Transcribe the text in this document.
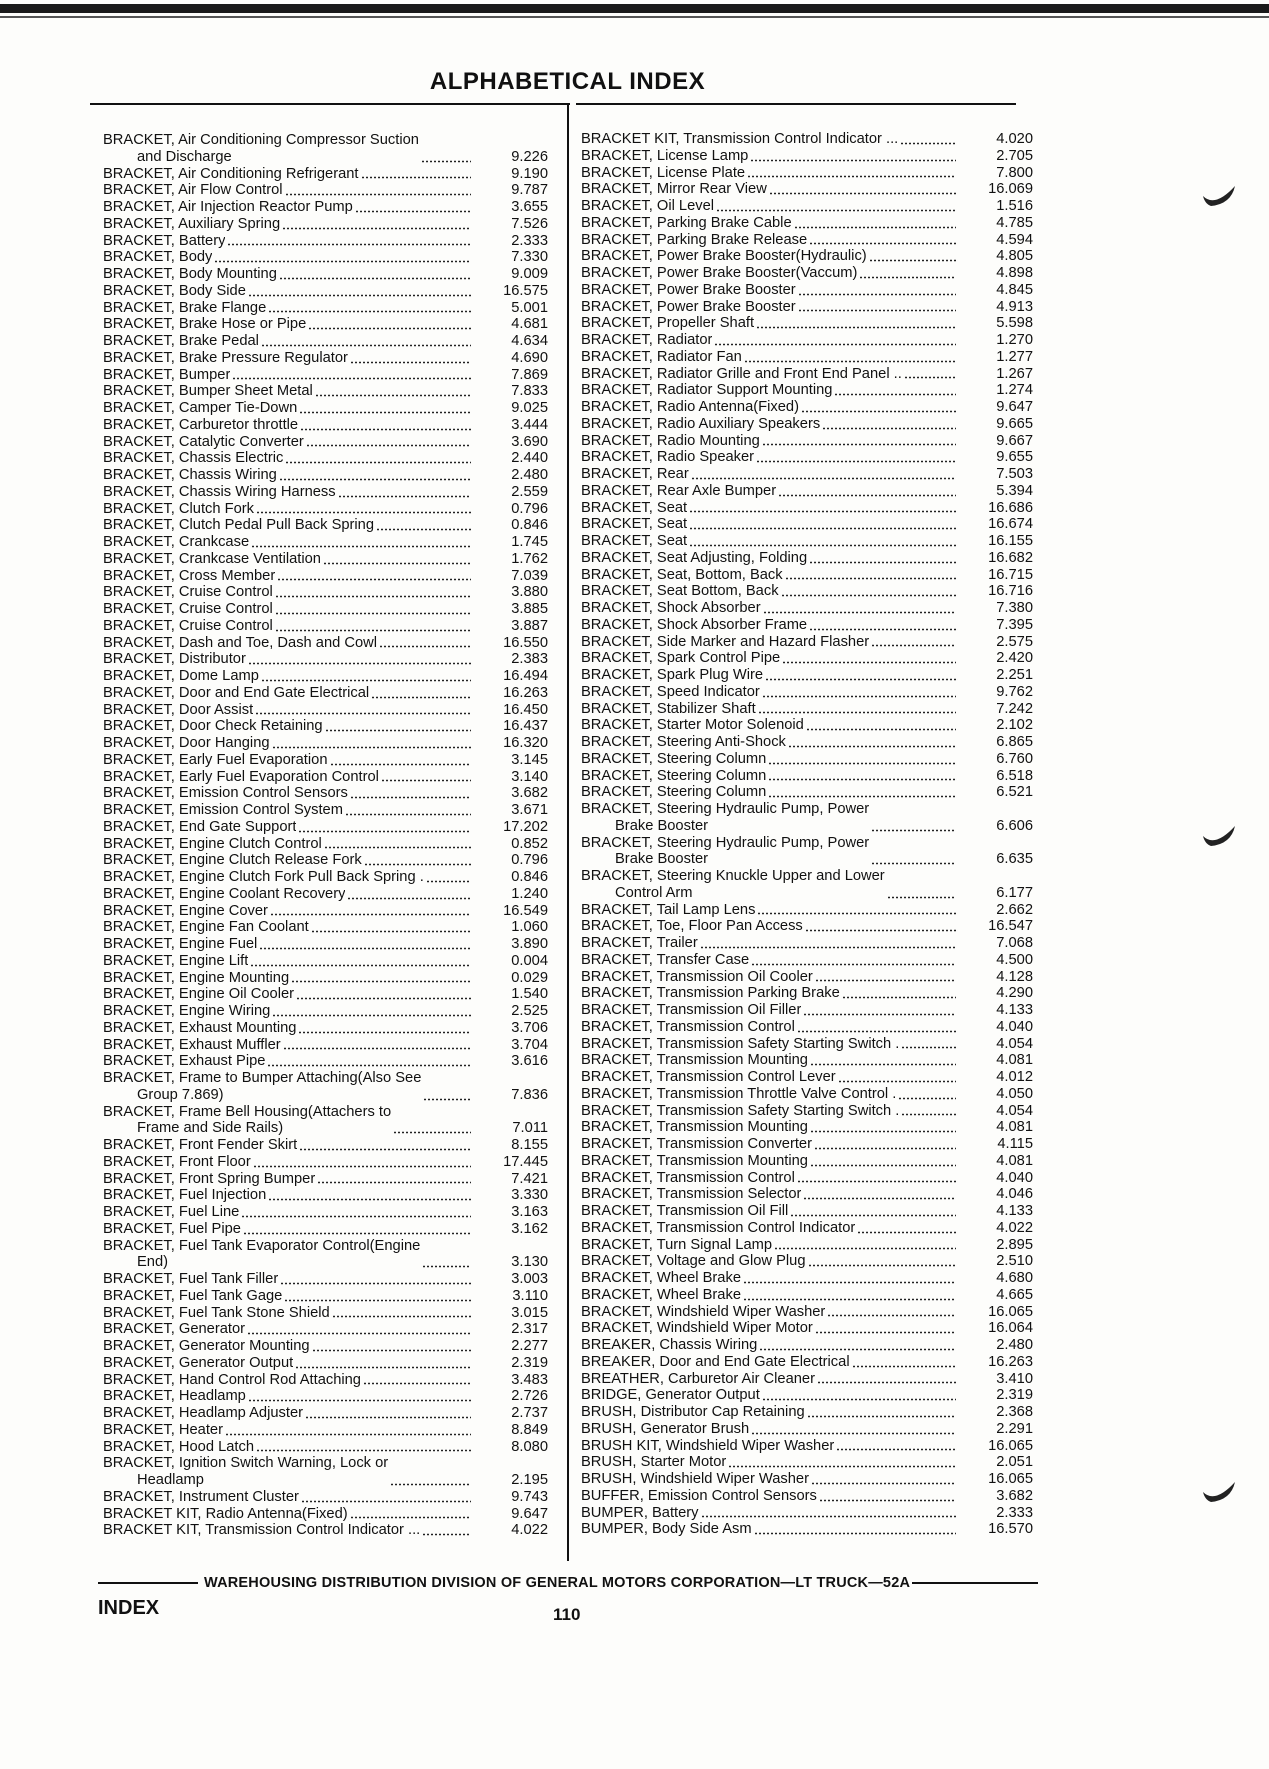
ALPHABETICAL INDEX
BRACKET, Air Conditioning Compressor Suction
and Discharge	9.226
BRACKET, Air Conditioning Refrigerant	9.190
BRACKET, Air Flow Control	9.787
BRACKET, Air Injection Reactor Pump	3.655
BRACKET, Auxiliary Spring	7.526
BRACKET, Battery	2.333
BRACKET, Body	7.330
BRACKET, Body Mounting	9.009
BRACKET, Body Side	16.575
BRACKET, Brake Flange	5.001
BRACKET, Brake Hose or Pipe	4.681
BRACKET, Brake Pedal	4.634
BRACKET, Brake Pressure Regulator	4.690
BRACKET, Bumper	7.869
BRACKET, Bumper Sheet Metal	7.833
BRACKET, Camper Tie-Down	9.025
BRACKET, Carburetor throttle	3.444
BRACKET, Catalytic Converter	3.690
BRACKET, Chassis Electric	2.440
BRACKET, Chassis Wiring	2.480
BRACKET, Chassis Wiring Harness	2.559
BRACKET, Clutch Fork	0.796
BRACKET, Clutch Pedal Pull Back Spring	0.846
BRACKET, Crankcase	1.745
BRACKET, Crankcase Ventilation	1.762
BRACKET, Cross Member	7.039
BRACKET, Cruise Control	3.880
BRACKET, Cruise Control	3.885
BRACKET, Cruise Control	3.887
BRACKET, Dash and Toe, Dash and Cowl	16.550
BRACKET, Distributor	2.383
BRACKET, Dome Lamp	16.494
BRACKET, Door and End Gate Electrical	16.263
BRACKET, Door Assist	16.450
BRACKET, Door Check Retaining	16.437
BRACKET, Door Hanging	16.320
BRACKET, Early Fuel Evaporation	3.145
BRACKET, Early Fuel Evaporation Control	3.140
BRACKET, Emission Control Sensors	3.682
BRACKET, Emission Control System	3.671
BRACKET, End Gate Support	17.202
BRACKET, Engine Clutch Control	0.852
BRACKET, Engine Clutch Release Fork	0.796
BRACKET, Engine Clutch Fork Pull Back Spring .	0.846
BRACKET, Engine Coolant Recovery	1.240
BRACKET, Engine Cover	16.549
BRACKET, Engine Fan Coolant	1.060
BRACKET, Engine Fuel	3.890
BRACKET, Engine Lift	0.004
BRACKET, Engine Mounting	0.029
BRACKET, Engine Oil Cooler	1.540
BRACKET, Engine Wiring	2.525
BRACKET, Exhaust Mounting	3.706
BRACKET, Exhaust Muffler	3.704
BRACKET, Exhaust Pipe	3.616
BRACKET, Frame to Bumper Attaching(Also See
Group 7.869)	7.836
BRACKET, Frame Bell Housing(Attachers to
Frame and Side Rails)	7.011
BRACKET, Front Fender Skirt	8.155
BRACKET, Front Floor	17.445
BRACKET, Front Spring Bumper	7.421
BRACKET, Fuel Injection	3.330
BRACKET, Fuel Line	3.163
BRACKET, Fuel Pipe	3.162
BRACKET, Fuel Tank Evaporator Control(Engine
End)	3.130
BRACKET, Fuel Tank Filler	3.003
BRACKET, Fuel Tank Gage	3.110
BRACKET, Fuel Tank Stone Shield	3.015
BRACKET, Generator	2.317
BRACKET, Generator Mounting	2.277
BRACKET, Generator Output	2.319
BRACKET, Hand Control Rod Attaching	3.483
BRACKET, Headlamp	2.726
BRACKET, Headlamp Adjuster	2.737
BRACKET, Heater	8.849
BRACKET, Hood Latch	8.080
BRACKET, Ignition Switch Warning, Lock or
Headlamp	2.195
BRACKET, Instrument Cluster	9.743
BRACKET KIT, Radio Antenna(Fixed)	9.647
BRACKET KIT, Transmission Control Indicator ...	4.022
BRACKET KIT, Transmission Control Indicator ...	4.020
BRACKET, License Lamp	2.705
BRACKET, License Plate	7.800
BRACKET, Mirror Rear View	16.069
BRACKET, Oil Level	1.516
BRACKET, Parking Brake Cable	4.785
BRACKET, Parking Brake Release	4.594
BRACKET, Power Brake Booster(Hydraulic)	4.805
BRACKET, Power Brake Booster(Vaccum)	4.898
BRACKET, Power Brake Booster	4.845
BRACKET, Power Brake Booster	4.913
BRACKET, Propeller Shaft	5.598
BRACKET, Radiator	1.270
BRACKET, Radiator Fan	1.277
BRACKET, Radiator Grille and Front End Panel ..	1.267
BRACKET, Radiator Support Mounting	1.274
BRACKET, Radio Antenna(Fixed)	9.647
BRACKET, Radio Auxiliary Speakers	9.665
BRACKET, Radio Mounting	9.667
BRACKET, Radio Speaker	9.655
BRACKET, Rear	7.503
BRACKET, Rear Axle Bumper	5.394
BRACKET, Seat	16.686
BRACKET, Seat	16.674
BRACKET, Seat	16.155
BRACKET, Seat Adjusting, Folding	16.682
BRACKET, Seat, Bottom, Back	16.715
BRACKET, Seat Bottom, Back	16.716
BRACKET, Shock Absorber	7.380
BRACKET, Shock Absorber Frame	7.395
BRACKET, Side Marker and Hazard Flasher	2.575
BRACKET, Spark Control Pipe	2.420
BRACKET, Spark Plug Wire	2.251
BRACKET, Speed Indicator	9.762
BRACKET, Stabilizer Shaft	7.242
BRACKET, Starter Motor Solenoid	2.102
BRACKET, Steering Anti-Shock	6.865
BRACKET, Steering Column	6.760
BRACKET, Steering Column	6.518
BRACKET, Steering Column	6.521
BRACKET, Steering Hydraulic Pump, Power
Brake Booster	6.606
BRACKET, Steering Hydraulic Pump, Power
Brake Booster	6.635
BRACKET, Steering Knuckle Upper and Lower
Control Arm	6.177
BRACKET, Tail Lamp Lens	2.662
BRACKET, Toe, Floor Pan Access	16.547
BRACKET, Trailer	7.068
BRACKET, Transfer Case	4.500
BRACKET, Transmission Oil Cooler	4.128
BRACKET, Transmission Parking Brake	4.290
BRACKET, Transmission Oil Filler	4.133
BRACKET, Transmission Control	4.040
BRACKET, Transmission Safety Starting Switch .	4.054
BRACKET, Transmission Mounting	4.081
BRACKET, Transmission Control Lever	4.012
BRACKET, Transmission Throttle Valve Control .	4.050
BRACKET, Transmission Safety Starting Switch .	4.054
BRACKET, Transmission Mounting	4.081
BRACKET, Transmission Converter	4.115
BRACKET, Transmission Mounting	4.081
BRACKET, Transmission Control	4.040
BRACKET, Transmission Selector	4.046
BRACKET, Transmission Oil Fill	4.133
BRACKET, Transmission Control Indicator	4.022
BRACKET, Turn Signal Lamp	2.895
BRACKET, Voltage and Glow Plug	2.510
BRACKET, Wheel Brake	4.680
BRACKET, Wheel Brake	4.665
BRACKET, Windshield Wiper Washer	16.065
BRACKET, Windshield Wiper Motor	16.064
BREAKER, Chassis Wiring	2.480
BREAKER, Door and End Gate Electrical	16.263
BREATHER, Carburetor Air Cleaner	3.410
BRIDGE, Generator Output	2.319
BRUSH, Distributor Cap Retaining	2.368
BRUSH, Generator Brush	2.291
BRUSH KIT, Windshield Wiper Washer	16.065
BRUSH, Starter Motor	2.051
BRUSH, Windshield Wiper Washer	16.065
BUFFER, Emission Control Sensors	3.682
BUMPER, Battery	2.333
BUMPER, Body Side Asm	16.570
WAREHOUSING DISTRIBUTION DIVISION OF GENERAL MOTORS CORPORATION—LT TRUCK—52A
INDEX	110
